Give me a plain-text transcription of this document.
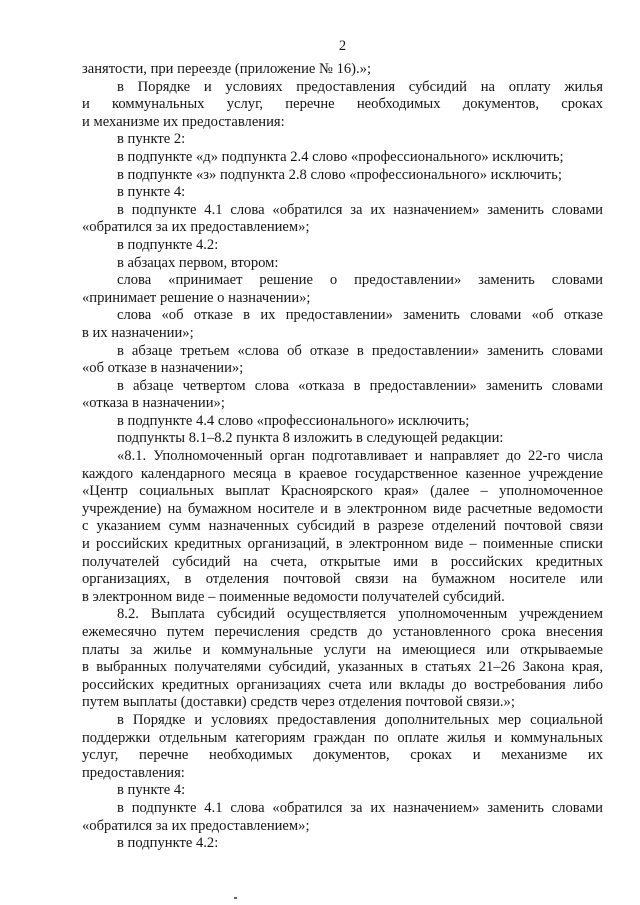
2
занятости, при переезде (приложение № 16).»;
в Порядке и условиях предоставления субсидий на оплату жилья
и коммунальных услуг, перечне необходимых документов, сроках
и механизме их предоставления:
в пункте 2:
в подпункте «д» подпункта 2.4 слово «профессионального» исключить;
в подпункте «з» подпункта 2.8 слово «профессионального» исключить;
в пункте 4:
в подпункте 4.1 слова «обратился за их назначением» заменить словами
«обратился за их предоставлением»;
в подпункте 4.2:
в абзацах первом, втором:
слова «принимает решение о предоставлении» заменить словами
«принимает решение о назначении»;
слова «об отказе в их предоставлении» заменить словами «об отказе
в их назначении»;
в абзаце третьем «слова об отказе в предоставлении» заменить словами
«об отказе в назначении»;
в абзаце четвертом слова «отказа в предоставлении» заменить словами
«отказа в назначении»;
в подпункте 4.4 слово «профессионального» исключить;
подпункты 8.1–8.2 пункта 8 изложить в следующей редакции:
«8.1. Уполномоченный орган подготавливает и направляет до 22-го числа
каждого календарного месяца в краевое государственное казенное учреждение
«Центр социальных выплат Красноярского края» (далее – уполномоченное
учреждение) на бумажном носителе и в электронном виде расчетные ведомости
с указанием сумм назначенных субсидий в разрезе отделений почтовой связи
и российских кредитных организаций, в электронном виде – поименные списки
получателей субсидий на счета, открытые ими в российских кредитных
организациях, в отделения почтовой связи на бумажном носителе или
в электронном виде – поименные ведомости получателей субсидий.
8.2. Выплата субсидий осуществляется уполномоченным учреждением
ежемесячно путем перечисления средств до установленного срока внесения
платы за жилье и коммунальные услуги на имеющиеся или открываемые
в выбранных получателями субсидий, указанных в статьях 21–26 Закона края,
российских кредитных организациях счета или вклады до востребования либо
путем выплаты (доставки) средств через отделения почтовой связи.»;
в Порядке и условиях предоставления дополнительных мер социальной
поддержки отдельным категориям граждан по оплате жилья и коммунальных
услуг, перечне необходимых документов, сроках и механизме их
предоставления:
в пункте 4:
в подпункте 4.1 слова «обратился за их назначением» заменить словами
«обратился за их предоставлением»;
в подпункте 4.2:
